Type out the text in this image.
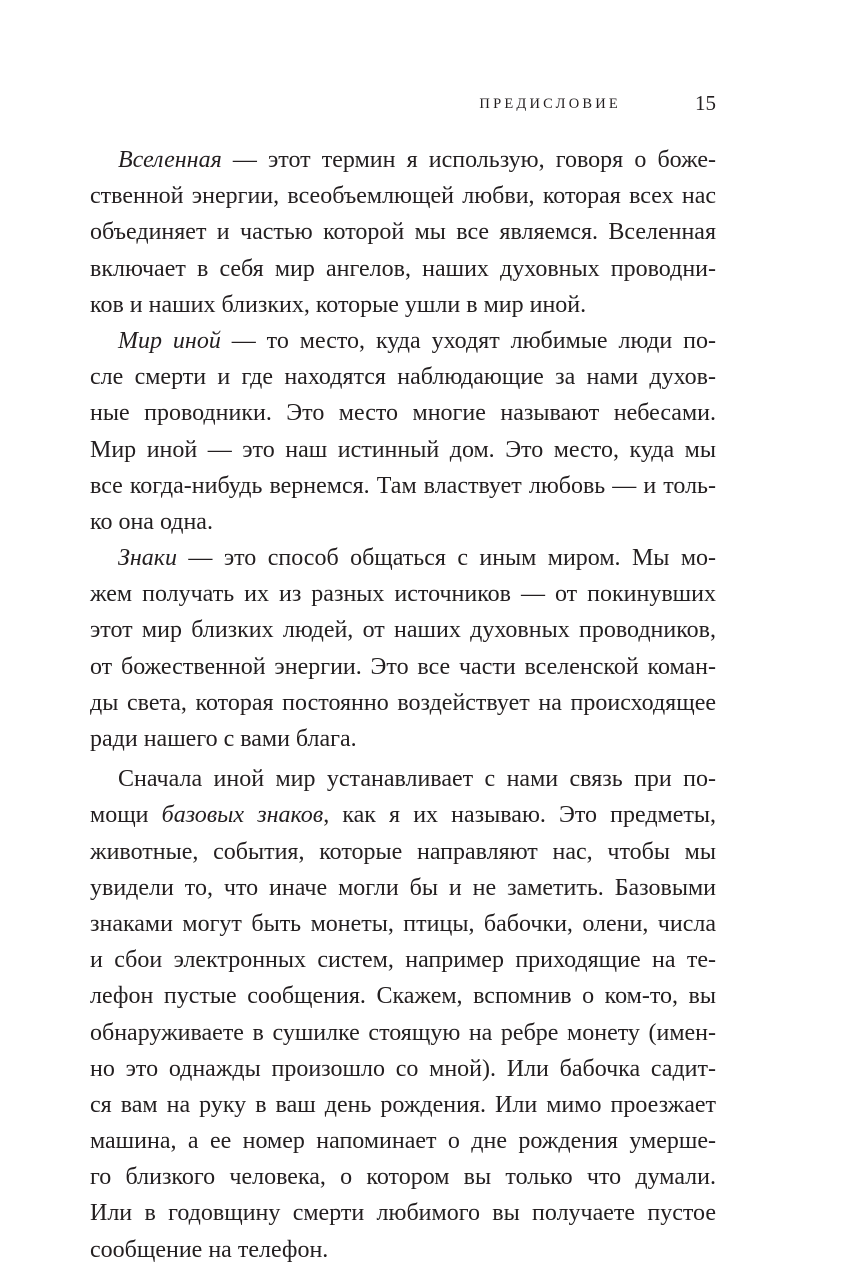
ПРЕДИСЛОВИЕ	15
Вселенная — этот термин я использую, говоря о боже-
ственной энергии, всеобъемлющей любви, которая всех нас
объединяет и частью которой мы все являемся. Вселенная
включает в себя мир ангелов, наших духовных проводни-
ков и наших близких, которые ушли в мир иной.
Мир иной — то место, куда уходят любимые люди по-
сле смерти и где находятся наблюдающие за нами духов-
ные проводники. Это место многие называют небесами.
Мир иной — это наш истинный дом. Это место, куда мы
все когда-нибудь вернемся. Там властвует любовь — и толь-
ко она одна.
Знаки — это способ общаться с иным миром. Мы мо-
жем получать их из разных источников — от покинувших
этот мир близких людей, от наших духовных проводников,
от божественной энергии. Это все части вселенской коман-
ды света, которая постоянно воздействует на происходящее
ради нашего с вами блага.
Сначала иной мир устанавливает с нами связь при по-
мощи базовых знаков, как я их называю. Это предметы,
животные, события, которые направляют нас, чтобы мы
увидели то, что иначе могли бы и не заметить. Базовыми
знаками могут быть монеты, птицы, бабочки, олени, числа
и сбои электронных систем, например приходящие на те-
лефон пустые сообщения. Скажем, вспомнив о ком-то, вы
обнаруживаете в сушилке стоящую на ребре монету (имен-
но это однажды произошло со мной). Или бабочка садит-
ся вам на руку в ваш день рождения. Или мимо проезжает
машина, а ее номер напоминает о дне рождения умерше-
го близкого человека, о котором вы только что думали.
Или в годовщину смерти любимого вы получаете пустое
сообщение на телефон.
